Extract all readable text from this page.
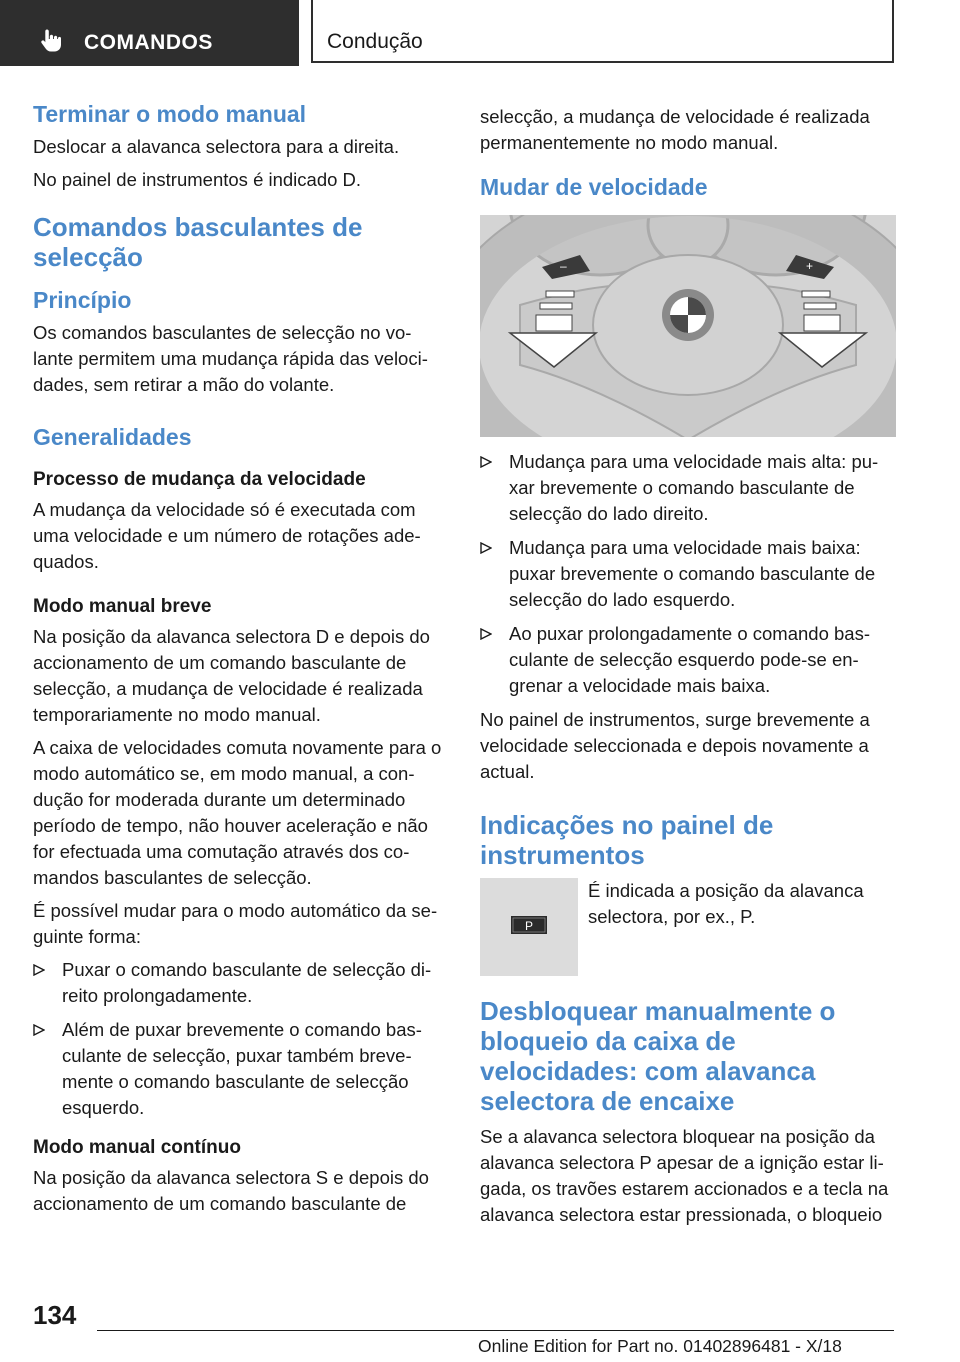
COMANDOS	Condução
Terminar o modo manual

Deslocar a alavanca selectora para a direita.

No painel de instrumentos é indicado D.

Comandos basculantes de selecção
Princípio

Os comandos basculantes de selecção no vo-lante permitem uma mudança rápida das veloci-dades, sem retirar a mão do volante.

Generalidades
Processo de mudança da velocidade

A mudança da velocidade só é executada com uma velocidade e um número de rotações ade-quados.

Modo manual breve

Na posição da alavanca selectora D e depois do accionamento de um comando basculante de selecção, a mudança de velocidade é realizada temporariamente no modo manual.

A caixa de velocidades comuta novamente para o modo automático se, em modo manual, a con-dução for moderada durante um determinado período de tempo, não houver aceleração e não for efectuada uma comutação através dos co-mandos basculantes de selecção.

É possível mudar para o modo automático da se-guinte forma:

Puxar o comando basculante de selecção di-reito prolongadamente.
Além de puxar brevemente o comando bas-culante de selecção, puxar também breve-mente o comando basculante de selecção esquerdo.
Modo manual contínuo

Na posição da alavanca selectora S e depois do accionamento de um comando basculante de

selecção, a mudança de velocidade é realizada permanentemente no modo manual.

Mudar de velocidade
–	+
Mudança para uma velocidade mais alta: pu-xar brevemente o comando basculante de selecção do lado direito.
Mudança para uma velocidade mais baixa: puxar brevemente o comando basculante de selecção do lado esquerdo.
Ao puxar prolongadamente o comando bas-culante de selecção esquerdo pode-se en-grenar a velocidade mais baixa.

No painel de instrumentos, surge brevemente a velocidade seleccionada e depois novamente a actual.

Indicações no painel de instrumentos
P

É indicada a posição da alavanca selectora, por ex., P.

Desbloquear manualmente o bloqueio da caixa de velocidades: com alavanca selectora de encaixe

Se a alavanca selectora bloquear na posição da alavanca selectora P apesar de a ignição estar li-gada, os travões estarem accionados e a tecla na alavanca selectora estar pressionada, o bloqueio

134
Online Edition for Part no. 01402896481 - X/18
